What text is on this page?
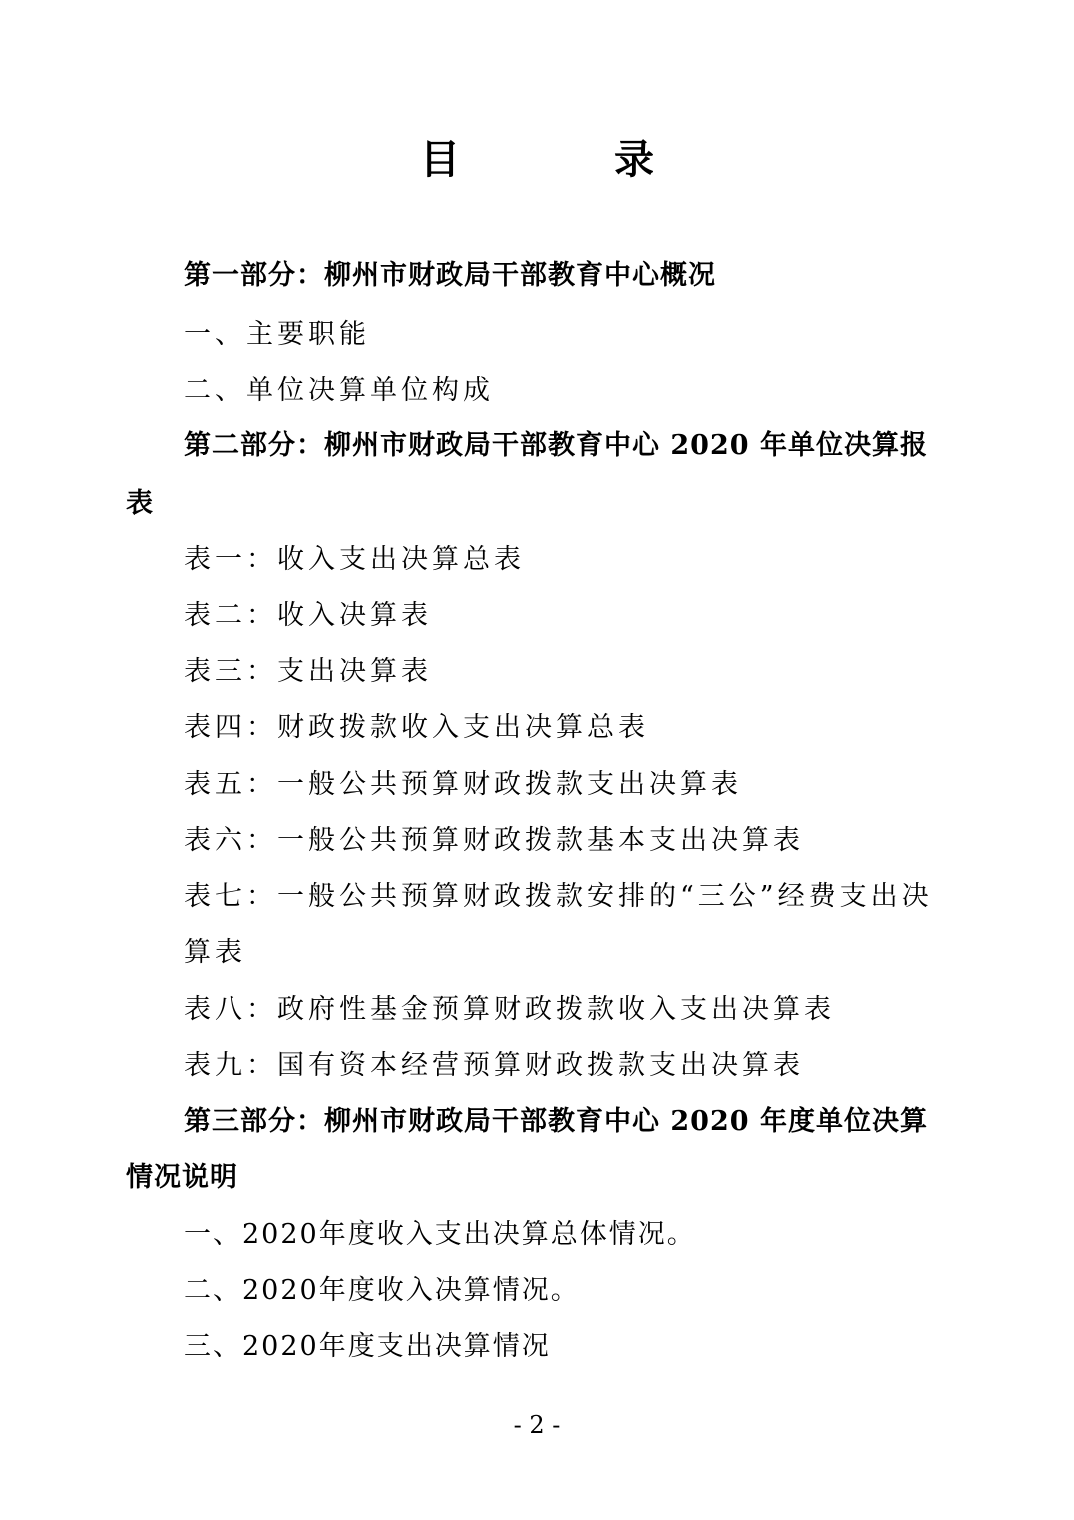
目 录
第一部分：柳州市财政局干部教育中心概况
一、主要职能
二、单位决算单位构成
第二部分：柳州市财政局干部教育中心 2020 年单位决算报
表
表一：收入支出决算总表
表二：收入决算表
表三：支出决算表
表四：财政拨款收入支出决算总表
表五：一般公共预算财政拨款支出决算表
表六：一般公共预算财政拨款基本支出决算表
表七：一般公共预算财政拨款安排的“三公”经费支出决
算表
表八：政府性基金预算财政拨款收入支出决算表
表九：国有资本经营预算财政拨款支出决算表
第三部分：柳州市财政局干部教育中心 2020 年度单位决算
情况说明
一、2020年度收入支出决算总体情况。
二、2020年度收入决算情况。
三、2020年度支出决算情况
- 2 -
